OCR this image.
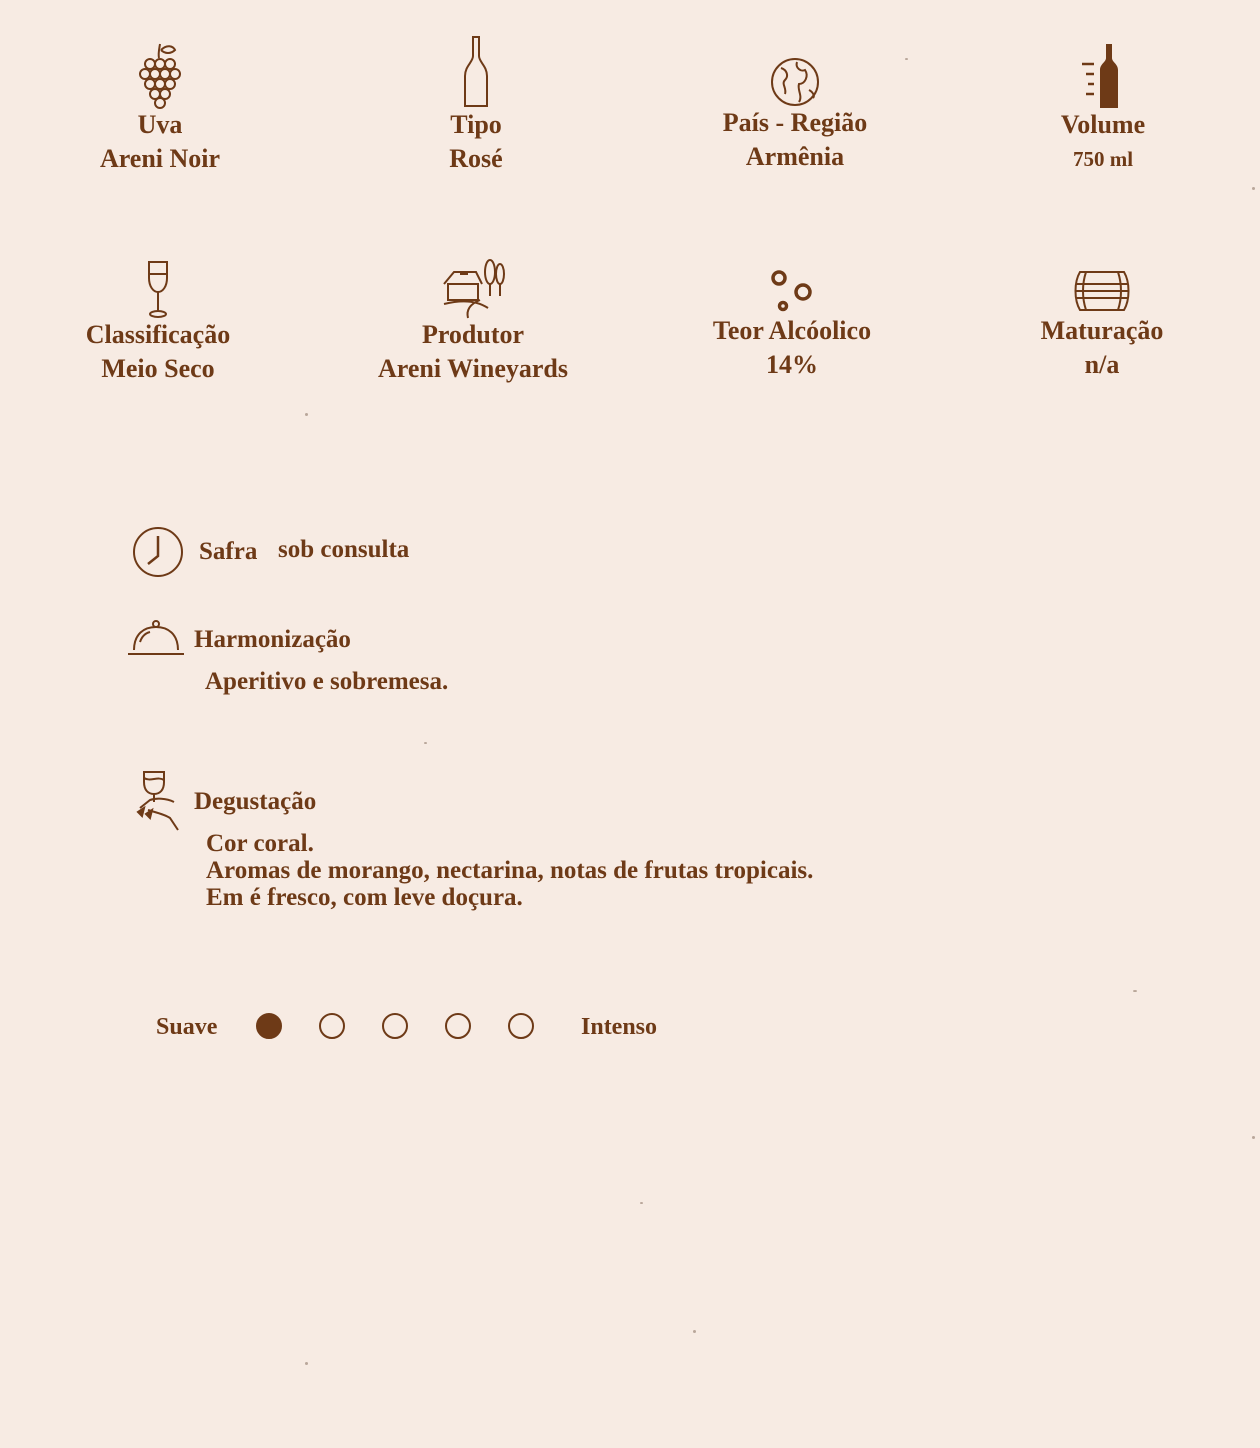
Uva
Areni Noir
Tipo
Rosé
País - Região
Armênia
Volume
750 ml
Classificação
Meio Seco
Produtor
Areni Wineyards
Teor Alcóolico
14%
Maturação
n/a
Safra sob consulta
Harmonização
Aperitivo e sobremesa.
Degustação
Cor coral.
Aromas de morango, nectarina, notas de frutas tropicais.
Em é fresco, com leve doçura.
Suave	Intenso
